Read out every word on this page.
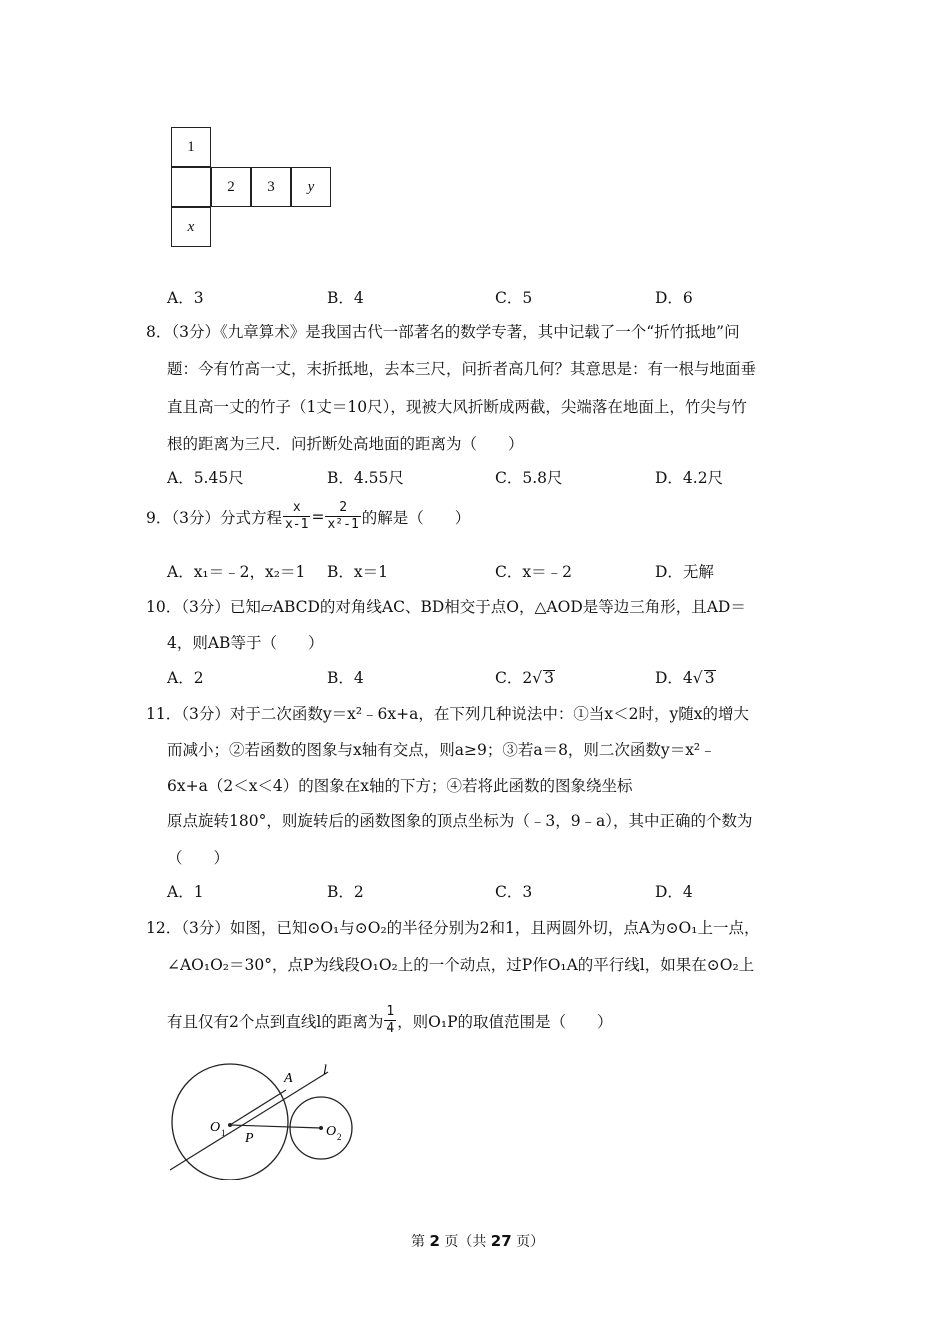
1
2	3	y
x
A．3	B．4	C．5	D．6
8．（3分）《九章算术》是我国古代一部著名的数学专著，其中记载了一个“折竹抵地”问
题：今有竹高一丈，末折抵地，去本三尺，问折者高几何？其意思是：有一根与地面垂
直且高一丈的竹子（1丈＝10尺），现被大风折断成两截，尖端落在地面上，竹尖与竹
根的距离为三尺．问折断处高地面的距离为（　　）
A．5.45尺	B．4.55尺	C．5.8尺	D．4.2尺
9．（3分）分式方程 $\frac{x}{x-1} = \frac{2}{\text{x²-1}}$ 的解是（　　）
A．x₁＝﹣2，x₂＝1 B．x＝1	C．x＝﹣2	D．无解
10．（3分）已知▱ABCD的对角线AC、BD相交于点O，△AOD是等边三角形，且AD＝
4，则AB等于（　　）
A．2	B．4	C．2√ 3	D．4√ 3
11．（3分）对于二次函数y＝x²﹣6x+a，在下列几种说法中：①当x＜2时，y随x的增大
而减小；②若函数的图象与x轴有交点，则a≥9；③若a＝8，则二次函数y＝x²﹣
6x+a（2＜x＜4）的图象在x轴的下方；④若将此函数的图象绕坐标
原点旋转180°，则旋转后的函数图象的顶点坐标为（﹣3，9﹣a），其中正确的个数为
（　　）
A．1	B．2	C．3	D．4
12．（3分）如图，已知⊙O₁与⊙O₂的半径分别为2和1，且两圆外切，点A为⊙O₁上一点，
∠AO₁O₂＝30°，点P为线段O₁O₂上的一个动点，过P作O₁A的平行线l，如果在⊙O₂上
有且仅有2个点到直线l的距离为 $\frac{1}{4}$ ，则O₁P的取值范围是（　　）
A
l
O 1 P	O 2
第 2 页（共 27 页）
